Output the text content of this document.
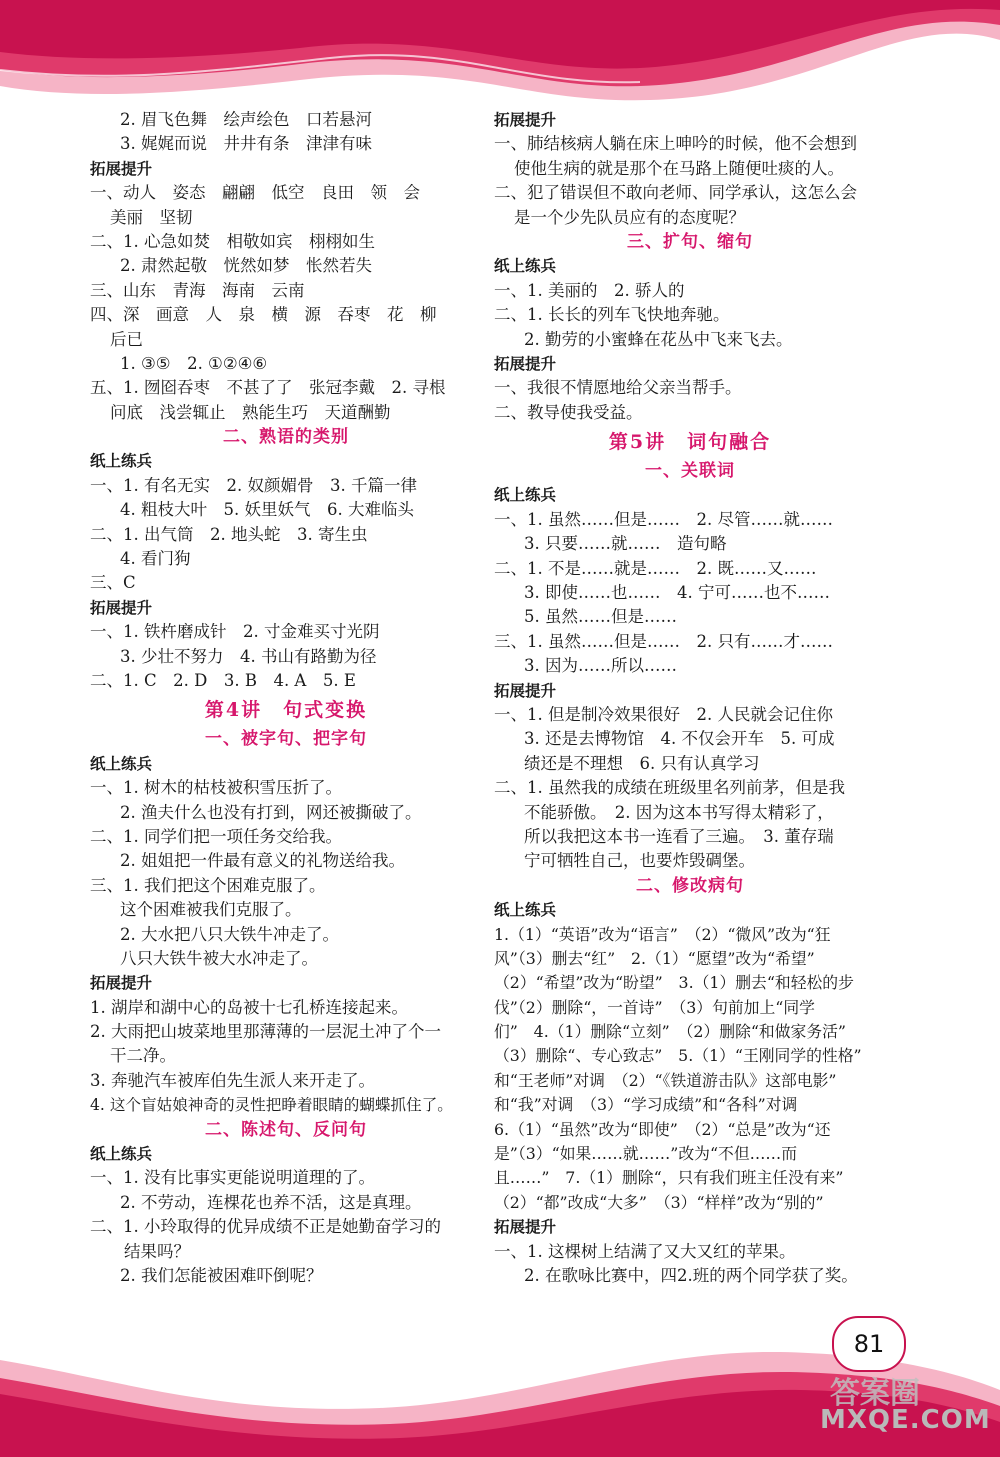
81
答案圈
MXQE.COM
2. 眉飞色舞　绘声绘色　口若悬河
3. 娓娓而说　井井有条　津津有味
拓展提升
一、动人　姿态　翩翩　低空　良田　领　会
美丽　坚韧
二、1. 心急如焚　相敬如宾　栩栩如生
2. 肃然起敬　恍然如梦　怅然若失
三、山东　青海　海南　云南
四、深　画意　人　泉　横　源　吞枣　花　柳
后已
1. ③⑤　2. ①②④⑥
五、1. 囫囵吞枣　不甚了了　张冠李戴　2. 寻根
问底　浅尝辄止　熟能生巧　天道酬勤
二、熟语的类别
纸上练兵
一、1. 有名无实　2. 奴颜媚骨　3. 千篇一律
4. 粗枝大叶　5. 妖里妖气　6. 大难临头
二、1. 出气筒　2. 地头蛇　3. 寄生虫
4. 看门狗
三、C
拓展提升
一、1. 铁杵磨成针　2. 寸金难买寸光阴
3. 少壮不努力　4. 书山有路勤为径
二、1. C　2. D　3. B　4. A　5. E
第4讲　句式变换
一、被字句、把字句
纸上练兵
一、1. 树木的枯枝被积雪压折了。
2. 渔夫什么也没有打到，网还被撕破了。
二、1. 同学们把一项任务交给我。
2. 姐姐把一件最有意义的礼物送给我。
三、1. 我们把这个困难克服了。
这个困难被我们克服了。
2. 大水把八只大铁牛冲走了。
八只大铁牛被大水冲走了。
拓展提升
1. 湖岸和湖中心的岛被十七孔桥连接起来。
2. 大雨把山坡菜地里那薄薄的一层泥土冲了个一
干二净。
3. 奔驰汽车被库伯先生派人来开走了。
4. 这个盲姑娘神奇的灵性把睁着眼睛的蝴蝶抓住了。
二、陈述句、反问句
纸上练兵
一、1. 没有比事实更能说明道理的了。
2. 不劳动，连棵花也养不活，这是真理。
二、1. 小玲取得的优异成绩不正是她勤奋学习的
结果吗？
2. 我们怎能被困难吓倒呢？
拓展提升
一、肺结核病人躺在床上呻吟的时候，他不会想到
使他生病的就是那个在马路上随便吐痰的人。
二、犯了错误但不敢向老师、同学承认，这怎么会
是一个少先队员应有的态度呢？
三、扩句、缩句
纸上练兵
一、1. 美丽的　2. 骄人的
二、1. 长长的列车飞快地奔驰。
2. 勤劳的小蜜蜂在花丛中飞来飞去。
拓展提升
一、我很不情愿地给父亲当帮手。
二、教导使我受益。
第5讲　词句融合
一、关联词
纸上练兵
一、1. 虽然……但是……　2. 尽管……就……
3. 只要……就……　造句略
二、1. 不是……就是……　2. 既……又……
3. 即使……也……　4. 宁可……也不……
5. 虽然……但是……
三、1. 虽然……但是……　2. 只有……才……
3. 因为……所以……
拓展提升
一、1. 但是制冷效果很好　2. 人民就会记住你
3. 还是去博物馆　4. 不仅会开车　5. 可成
绩还是不理想　6. 只有认真学习
二、1. 虽然我的成绩在班级里名列前茅，但是我
不能骄傲。　2. 因为这本书写得太精彩了，
所以我把这本书一连看了三遍。　3. 董存瑞
宁可牺牲自己，也要炸毁碉堡。
二、修改病句
纸上练兵
1.（1）“英语”改为“语言”　（2）“微风”改为“狂
风”（3）删去“红”　2.（1）“愿望”改为“希望”
（2）“希望”改为“盼望”　3.（1）删去“和轻松的步
伐”（2）删除“，一首诗”　（3）句前加上“同学
们”　4.（1）删除“立刻”　（2）删除“和做家务活”
（3）删除“、专心致志”　5.（1）“王刚同学的性格”
和“王老师”对调　（2）“《铁道游击队》这部电影”
和“我”对调　（3）“学习成绩”和“各科”对调
6.（1）“虽然”改为“即使”　（2）“总是”改为“还
是”（3）“如果……就……”改为“不但……而
且……”　7.（1）删除“，只有我们班主任没有来”
（2）“都”改成“大多”　（3）“样样”改为“别的”
拓展提升
一、1. 这棵树上结满了又大又红的苹果。
2. 在歌咏比赛中，四2.班的两个同学获了奖。
